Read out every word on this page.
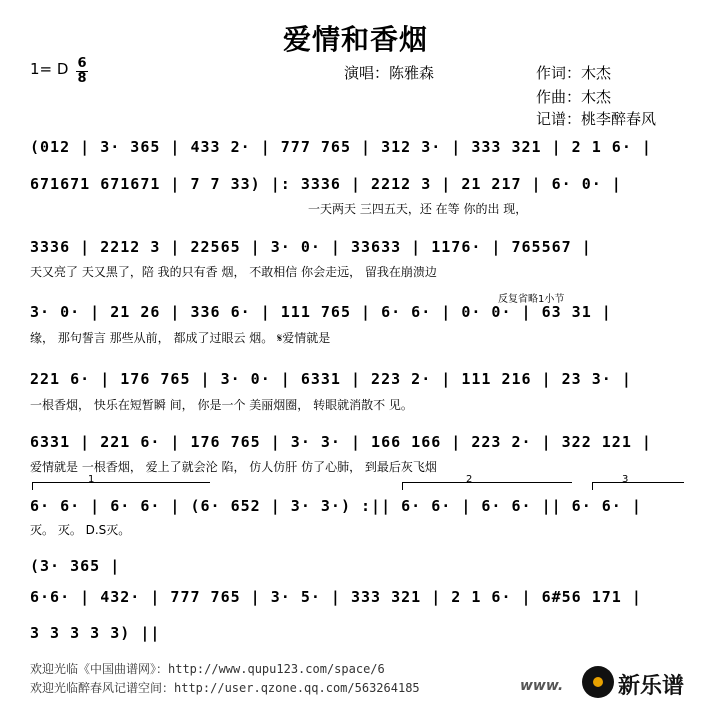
爱情和香烟
1= D 6
8	演唱：陈雅森	作词：木杰
作曲：木杰
记谱：桃李醉春风
(012 | 3· 365 | 433 2· | 777 765 | 312 3· | 333 321 | 2 1 6· |
671671 671671 | 7 7 33) |: 3336 | 2212 3 | 21 217 | 6· 0· |
一天两天 三四五天，还 在等 你的出 现，
3336 | 2212 3 | 22565 | 3· 0· | 33633 | 1176· | 765567 |
天又亮了 天又黑了，陪 我的只有香 烟， 不敢相信 你会走远， 留我在崩溃边
反复省略1小节
3· 0· | 21 26 | 336 6· | 111 765 | 6· 6· | 0· 0· | 63 31 |
缘， 那句誓言 那些从前， 都成了过眼云 烟。 𝄋爱情就是
221 6· | 176 765 | 3· 0· | 6331 | 223 2· | 111 216 | 23 3· |
一根香烟， 快乐在短暂瞬 间， 你是一个 美丽烟圈， 转眼就消散不 见。
6331 | 221 6· | 176 765 | 3· 3· | 166 166 | 223 2· | 322 121 |
爱情就是 一根香烟， 爱上了就会沦 陷， 仿人仿肝 仿了心肺， 到最后灰飞烟
1	2	3
6· 6· | 6· 6· | (6· 652 | 3· 3·) :|| 6· 6· | 6· 6· || 6· 6· |
灭。 灭。 D.S灭。
(3· 365 |
6·6· | 432· | 777 765 | 3· 5· | 333 321 | 2 1 6· | 6#56 171 |
3 3 3 3 3) ||
欢迎光临《中国曲谱网》：http://www.qupu123.com/space/6
欢迎光临醉春风记谱空间：http://user.qzone.qq.com/563264185	www. 新乐谱
